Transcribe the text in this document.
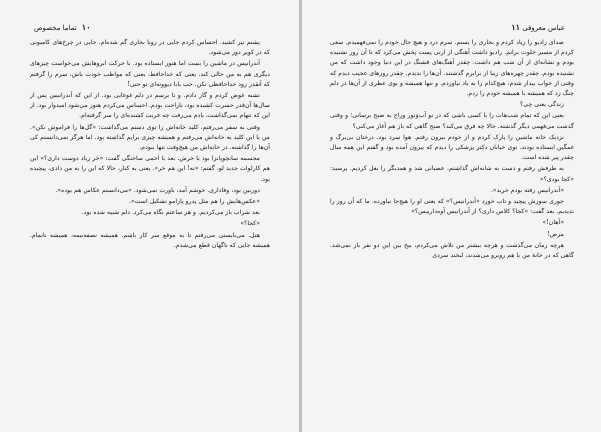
۱۰ تماما مخصوص

پشتم تیر کشید. احساس کردم جایی در زونا بخاری گم شده‌ام. جایی در چرخ‌های کامیونی که در کویر دور می‌شود.

آندرانیس در ماشین را بست اما هنوز ایستاده بود. با حرکت ابروهایش می‌خواست چیزهای دیگری هم به من حالی کند. یعنی که خداحافظ، یعنی که مواظب خودت باش، سرم را گرفتم که آنقدر زود خداحافظی نکن. خب بابا دیوونه‌ای تو حتی!

تشنه عوض کردم و گاز دادم. و تا برسم در دلم غوغایی بود. از این که آندرانیس پس از سال‌ها آن‌قدر حسرت کشیده بود، ناراحت بودم. احساس می‌کردم هنوز می‌شود امیدوار بود. از این که تنهام نمی‌گذاشت، یادم می‌رفت چه غربت کشنده‌ای را سر گرفته‌ام.

وقتی به سفر می‌رفتم، کلید خانه‌اش را توی دستم می‌گذاشت: «گل‌ها را فراموش نکن». من با این کلید به خانه‌اش می‌رفتم و همیشه چیزی برایم گذاشته بود. اما هرگز نمی‌دانستم کی آن‌ها را گذاشته. در خانه‌اش من هیچ‌وقت تنها نبودم.

مجسمه سانچوپانزا بود با خرش. بعد با اخمی ساختگی گفت: «خر زیاد دوست داری؟» این هم کارلوات جدید لو، گفتم: «نه! این هم خر». یعنی به کنار، حالا که این را به من دادی، پیچیده بود.

دوربین بود، وفاداری. خوشم آمد، باورت نمی‌شود. «می‌دانستم عکاس هم بوده».

«عکس‌هایش را هم مثل پدرو پارامو تشکیل است».

بعد شراب باز می‌کردیم. و هر ساعتم نگاه می‌کرد. دلم شبیه شده بود.

«کجا؟»

هتل. می‌بایستی می‌رفتم تا به موقع سر کار باشم. همیشه نصفه‌نیمه، همیشه ناتمام. همیشه جایی که ناگهان قطع می‌شدم.

عباس معروفی ۱۱

صدای رادیو را زیاد کردم و بخاری را بستم. سرم درد و هیچ حال خودم را نمی‌فهمیدم. سعی کردم از مسیر خلوت برانم. رادیو داشت آهنگی از ارتی پست پخش می‌کرد که تا آن روز نشنیده بودم و نشانه‌ای از آن شب هم داشت. چقدر آهنگ‌های قشنگ در این دنیا وجود داشت که من نشنیده بودم. چقدر چهره‌های زیبا از برابرم گذشتند. آن‌ها را ندیدم. چقدر روزهای عجیب دیدم که وقتی از خواب بیدار شدم، هیچ‌کدام را به یاد نیاوردم. و تنها همیشه و بوی عطری از آن‌ها در دلم چنگ زد که همیشه با همیشه خودم را زدم.

زندگی یعنی چی؟

یعنی این که تمام شب‌هات را با کسی باشی که در تو آب‌ونور وراج به صبح برسانی؛ و وقتی گذشت می‌فهمی دیگر گذشته. حالا چه فرق می‌کند؟ صبح گاهی که باز هم آغاز می‌کنی؟

نزدیک خانه ماشین را پارک کردم و از خودم بیرون رفتم. هوا سرد بود. درختان بی‌برگ و غمگین ایستاده بودند. توی خیابان دکتر پزشکی را دیدم که بیرون آمده بود و گفتم این همه سال چقدر پیر شده است.

به طرفش رفتم و دست به شانه‌اش گذاشتم. عصبانی شد و همدیگر را بغل کردیم. پرسید: «کجا بودی؟»

«آندرانیس رفته بودم خرید».

جوری سوزش پیچید و تاب خورد «آندرانیس؟» که یعنی او را هیچ‌جا نیاورده. ما که آن روز را ندیدیم. بعد گفت: «کجا؟ کلاس داری؟ از آندرانیس آوه‌دارییس؟»

«آهان!»

مرض!

هرچه زمان می‌گذشت و هرچه بیشتر من تلاش می‌کردم، بیخ بین این دو نفر باز نمی‌شد. گاهی که در خانهٔ من با هم روبرو می‌شدند، لبخند سردی
